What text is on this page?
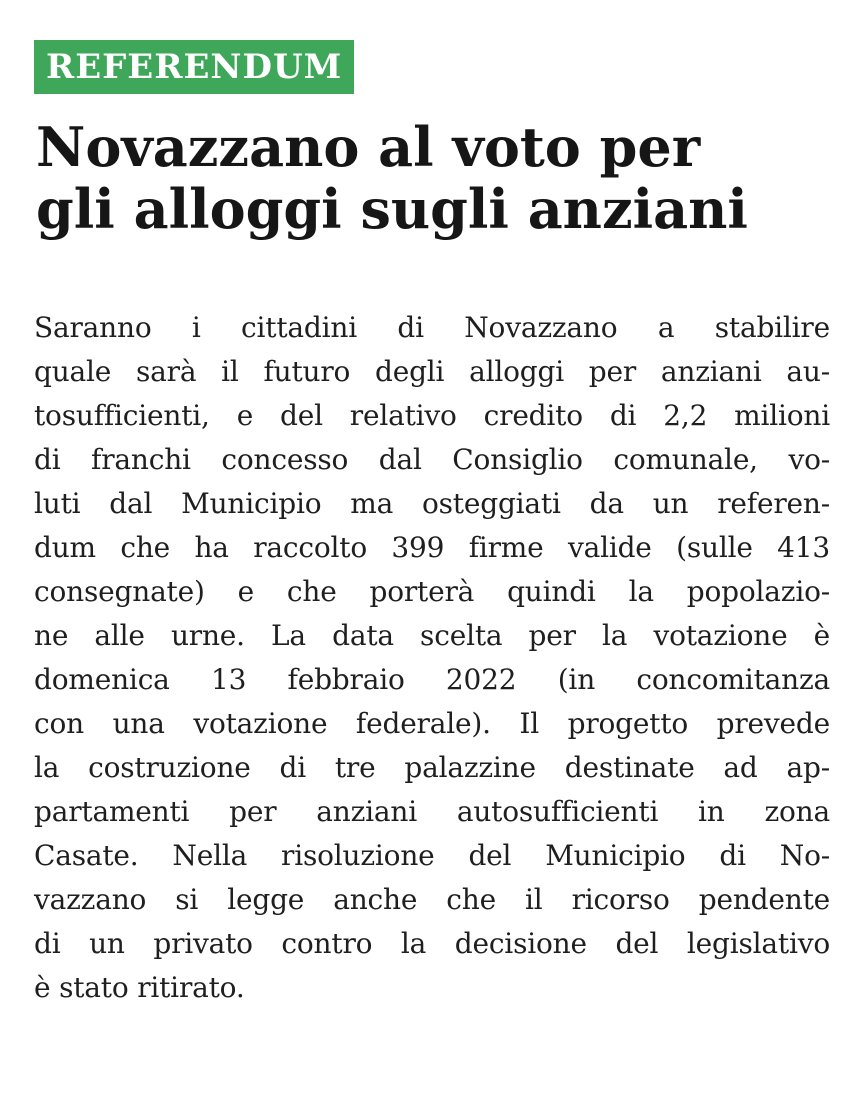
REFERENDUM
Novazzano al voto per
gli alloggi sugli anziani
Saranno i cittadini di Novazzano a stabilire
quale sarà il futuro degli alloggi per anziani au-
tosufficienti, e del relativo credito di 2,2 milioni
di franchi concesso dal Consiglio comunale, vo-
luti dal Municipio ma osteggiati da un referen-
dum che ha raccolto 399 firme valide (sulle 413
consegnate) e che porterà quindi la popolazio-
ne alle urne. La data scelta per la votazione è
domenica 13 febbraio 2022 (in concomitanza
con una votazione federale). Il progetto prevede
la costruzione di tre palazzine destinate ad ap-
partamenti per anziani autosufficienti in zona
Casate. Nella risoluzione del Municipio di No-
vazzano si legge anche che il ricorso pendente
di un privato contro la decisione del legislativo
è stato ritirato.
